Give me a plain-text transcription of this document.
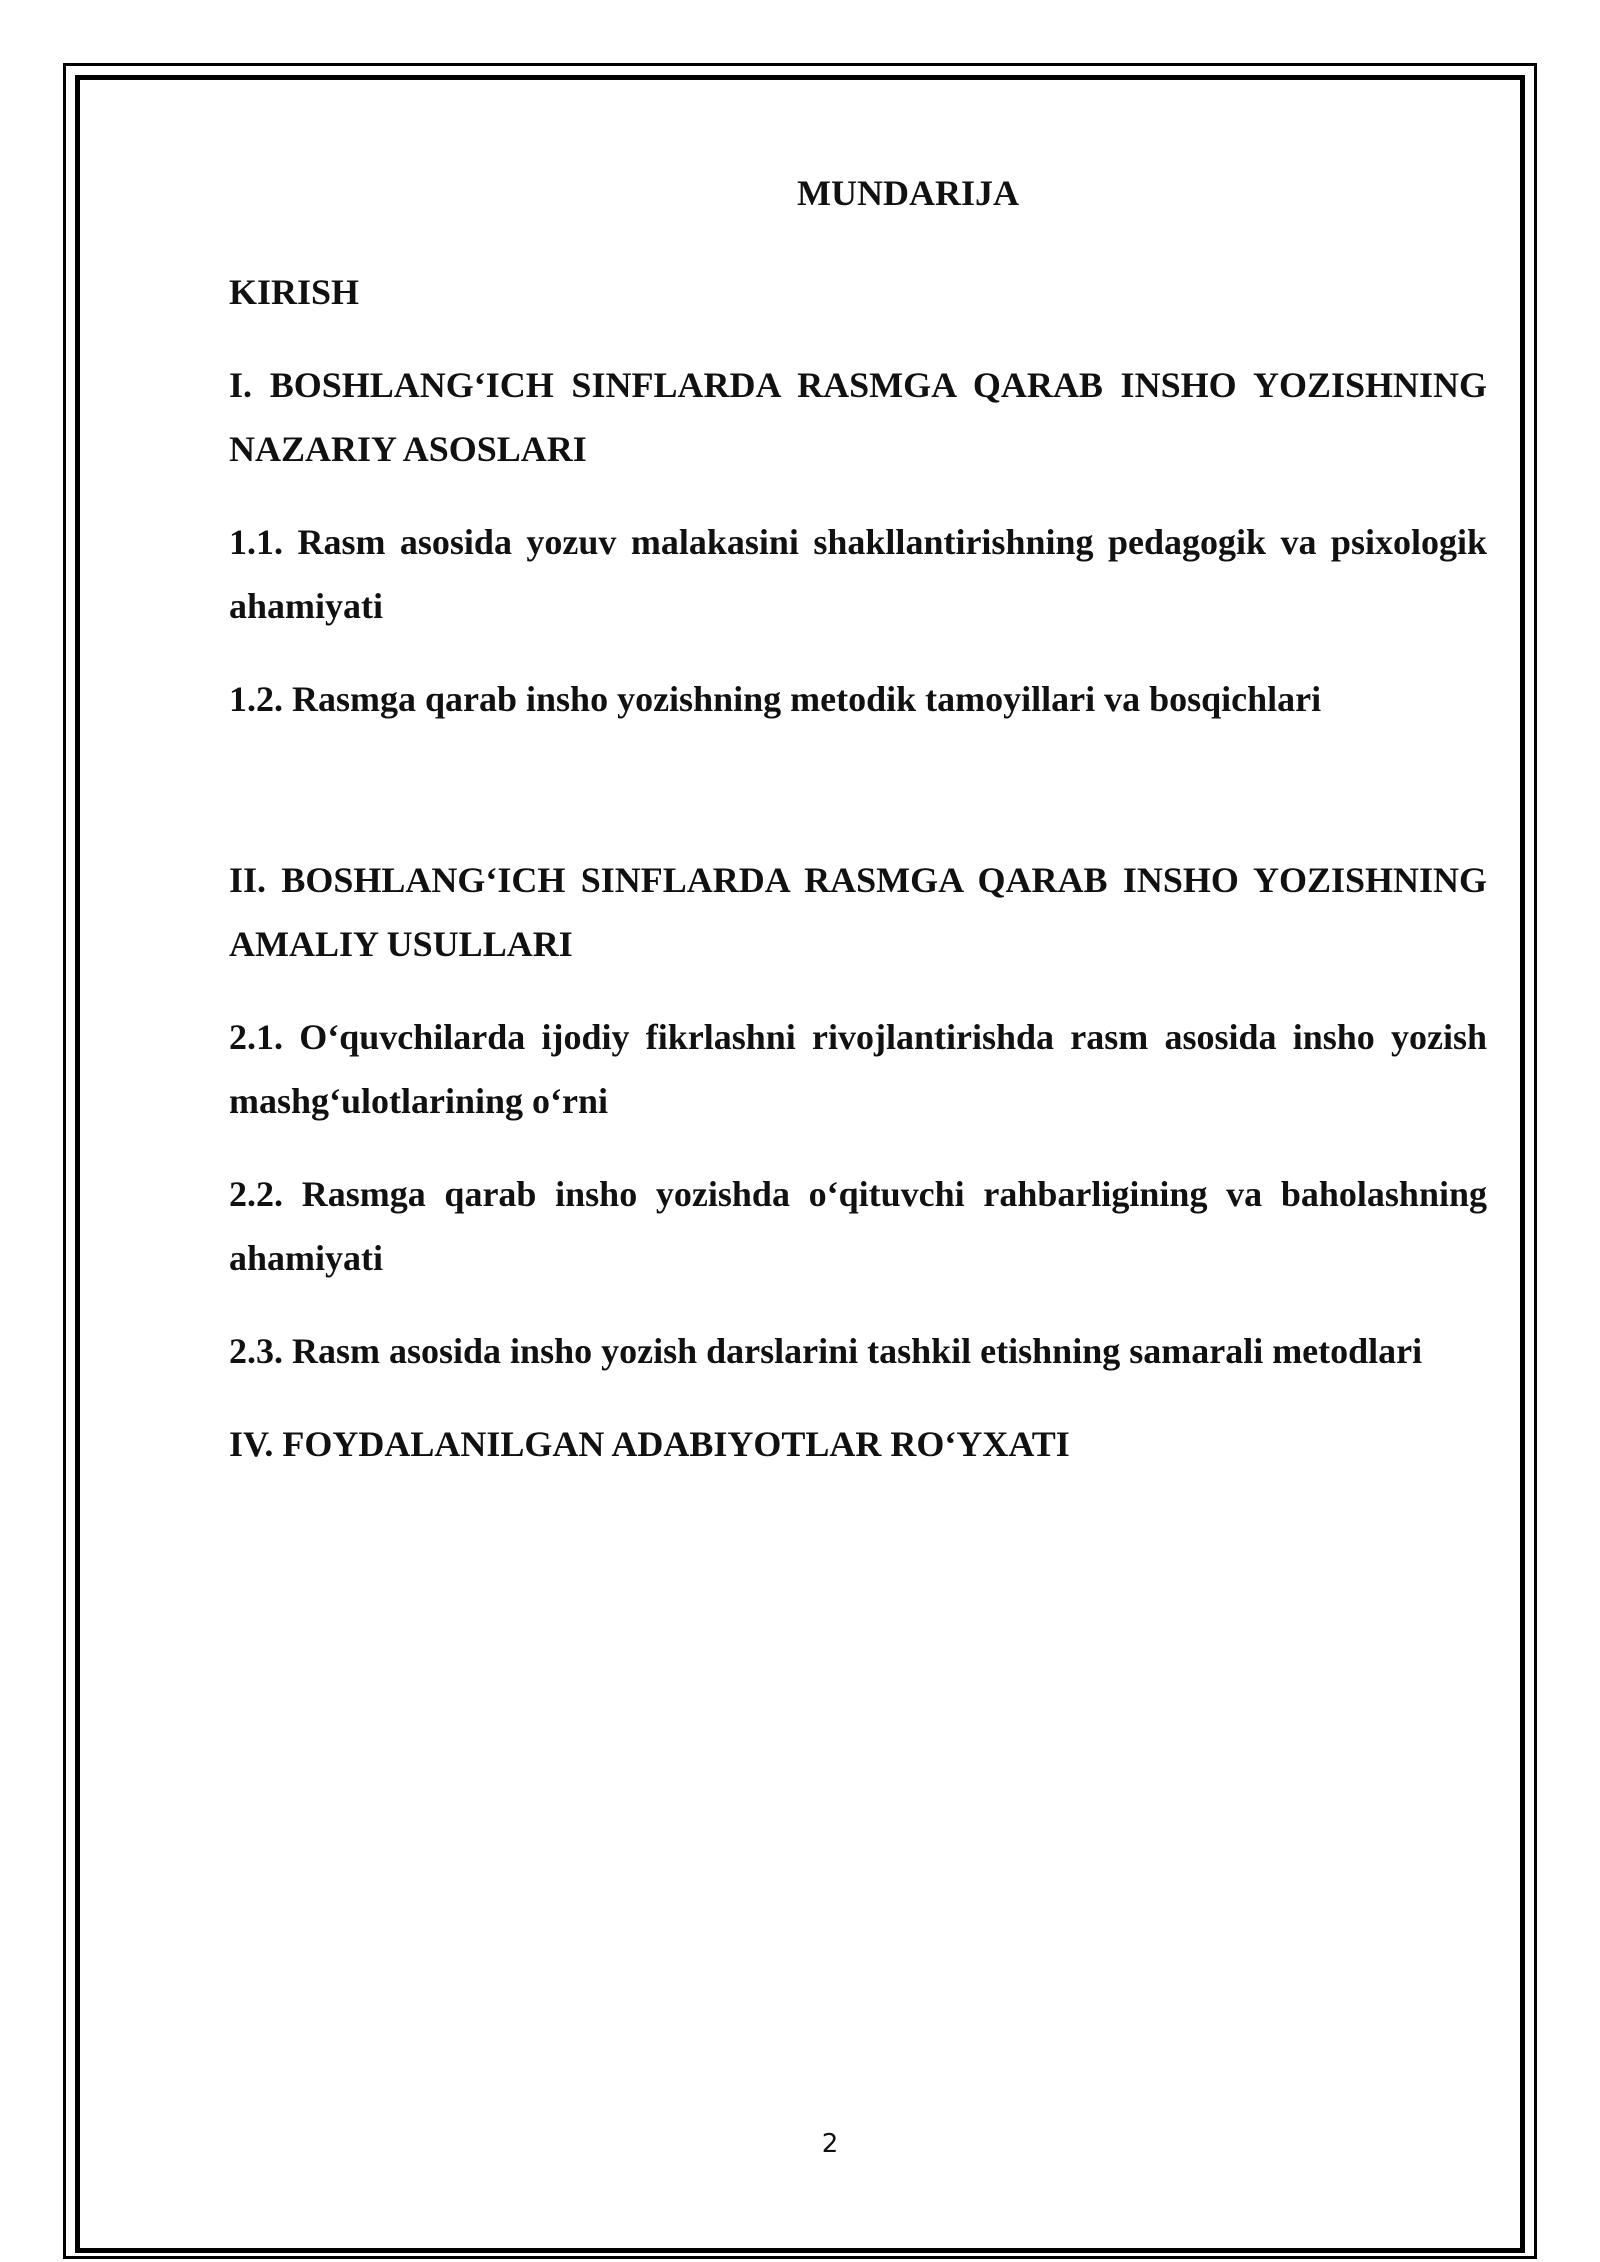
MUNDARIJA
KIRISH
I. BOSHLANG‘ICH SINFLARDA RASMGA QARAB INSHO YOZISHNING NAZARIY ASOSLARI
1.1. Rasm asosida yozuv malakasini shakllantirishning pedagogik va psixologik ahamiyati
1.2. Rasmga qarab insho yozishning metodik tamoyillari va bosqichlari
II. BOSHLANG‘ICH SINFLARDA RASMGA QARAB INSHO YOZISHNING AMALIY USULLARI
2.1. O‘quvchilarda ijodiy fikrlashni rivojlantirishda rasm asosida insho yozish mashg‘ulotlarining o‘rni
2.2. Rasmga qarab insho yozishda o‘qituvchi rahbarligining va baholashning ahamiyati
2.3. Rasm asosida insho yozish darslarini tashkil etishning samarali metodlari
IV. FOYDALANILGAN ADABIYOTLAR RO‘YXATI
2
